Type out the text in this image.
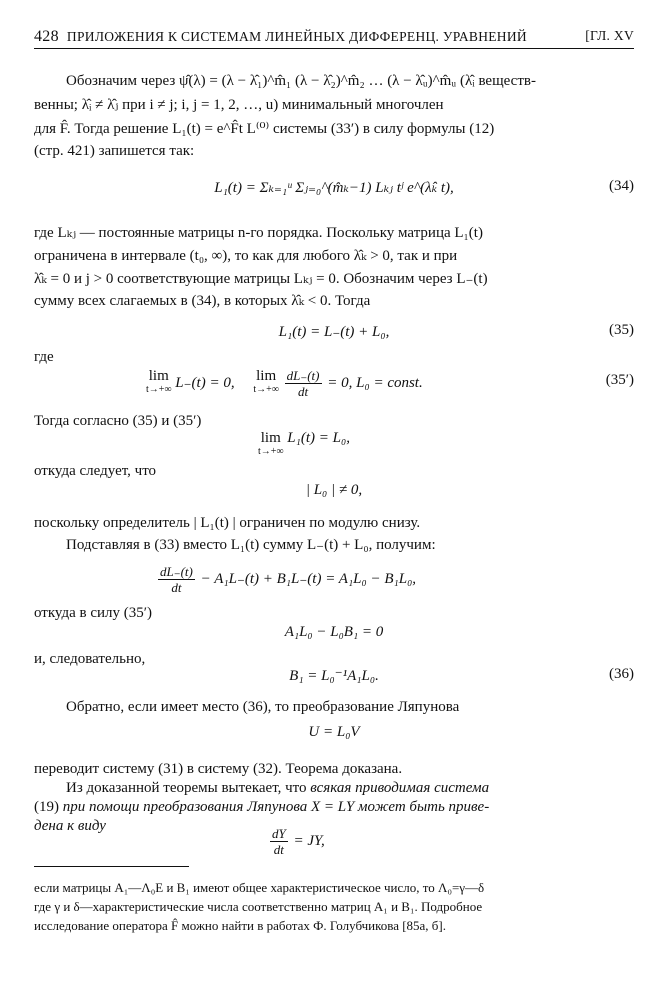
428 ПРИЛОЖЕНИЯ К СИСТЕМАМ ЛИНЕЙНЫХ ДИФФЕРЕНЦ. УРАВНЕНИЙ	[ГЛ. XV
Обозначим через ψ̂(λ) = (λ − λ̂₁)^m̂₁ (λ − λ̂₂)^m̂₂ … (λ − λ̂ᵤ)^m̂ᵤ (λ̂ᵢ веществ-
венны; λ̂ᵢ ≠ λ̂ⱼ при i ≠ j; i, j = 1, 2, …, u) минимальный многочлен
для F̂. Тогда решение L₁(t) = e^F̂t L⁽⁰⁾ системы (33′) в силу формулы (12)
(стр. 421) запишется так:
L₁(t) = Σₖ₌₁ᵘ Σⱼ₌₀^(m̂ₖ−1) Lₖⱼ tʲ e^(λ̂ₖ t),	(34)
где Lₖⱼ — постоянные матрицы n-го порядка. Поскольку матрица L₁(t)
ограничена в интервале (t₀, ∞), то как для любого λ̂ₖ > 0, так и при
λ̂ₖ = 0 и j > 0 соответствующие матрицы Lₖⱼ = 0. Обозначим через L₋(t)
сумму всех слагаемых в (34), в которых λ̂ₖ < 0. Тогда
L₁(t) = L₋(t) + L₀,	(35)
где
lim
t→+∞ L₋(t) = 0, lim
t→+∞
$\frac{dL_-(t)}{dt} = 0$, L₀ = const.	(35′)
Тогда согласно (35) и (35′)
lim
t→+∞
L₁(t) = L₀,
откуда следует, что
| L₀ | ≠ 0,
поскольку определитель | L₁(t) | ограничен по модулю снизу.
Подставляя в (33) вместо L₁(t) сумму L₋(t) + L₀, получим:
$\frac{dL_-(t)}{dt} - A_1L_-(t) + B_1L_-(t) = A_1L_0 - B_1L_0$,
откуда в силу (35′)
A₁L₀ − L₀B₁ = 0
и, следовательно,
B₁ = L₀⁻¹A₁L₀.	(36)
Обратно, если имеет место (36), то преобразование Ляпунова
U = L₀V
переводит систему (31) в систему (32). Теорема доказана.
Из доказанной теоремы вытекает, что всякая приводимая система
(19) при помощи преобразования Ляпунова X = LY может быть приве-
дена к виду	$\frac{dY}{dt}$ = JY,
если матрицы A₁—Λ₀E и B₁ имеют общее характеристическое число, то Λ₀=γ—δ
где γ и δ—характеристические числа соответственно матриц A₁ и B₁. Подробное
исследование оператора F̂ можно найти в работах Ф. Голубчикова [85а, б].
